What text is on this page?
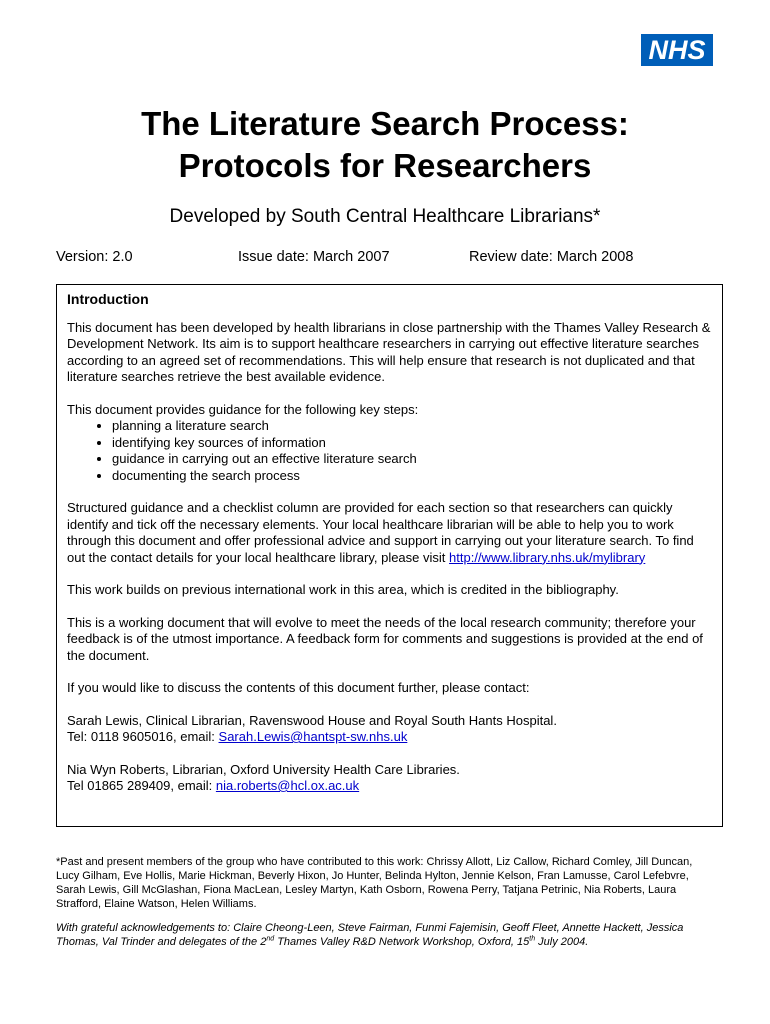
NHS
The Literature Search Process:
Protocols for Researchers
Developed by South Central Healthcare Librarians*
Version: 2.0	Issue date: March 2007	Review date: March 2008
Introduction

This document has been developed by health librarians in close partnership with the Thames Valley Research & Development Network. Its aim is to support healthcare researchers in carrying out effective literature searches according to an agreed set of recommendations. This will help ensure that research is not duplicated and that literature searches retrieve the best available evidence.

This document provides guidance for the following key steps:
• planning a literature search
• identifying key sources of information
• guidance in carrying out an effective literature search
• documenting the search process

Structured guidance and a checklist column are provided for each section so that researchers can quickly identify and tick off the necessary elements. Your local healthcare librarian will be able to help you to work through this document and offer professional advice and support in carrying out your literature search. To find out the contact details for your local healthcare library, please visit http://www.library.nhs.uk/mylibrary

This work builds on previous international work in this area, which is credited in the bibliography.

This is a working document that will evolve to meet the needs of the local research community; therefore your feedback is of the utmost importance. A feedback form for comments and suggestions is provided at the end of the document.

If you would like to discuss the contents of this document further, please contact:

Sarah Lewis, Clinical Librarian, Ravenswood House and Royal South Hants Hospital.
Tel: 0118 9605016, email: Sarah.Lewis@hantspt-sw.nhs.uk

Nia Wyn Roberts, Librarian, Oxford University Health Care Libraries.
Tel 01865 289409, email: nia.roberts@hcl.ox.ac.uk

*Past and present members of the group who have contributed to this work: Chrissy Allott, Liz Callow, Richard Comley, Jill Duncan, Lucy Gilham, Eve Hollis, Marie Hickman, Beverly Hixon, Jo Hunter, Belinda Hylton, Jennie Kelson, Fran Lamusse, Carol Lefebvre, Sarah Lewis, Gill McGlashan, Fiona MacLean, Lesley Martyn, Kath Osborn, Rowena Perry, Tatjana Petrinic, Nia Roberts, Laura Strafford, Elaine Watson, Helen Williams.
With grateful acknowledgements to: Claire Cheong-Leen, Steve Fairman, Funmi Fajemisin, Geoff Fleet, Annette Hackett, Jessica Thomas, Val Trinder and delegates of the 2nd Thames Valley R&D Network Workshop, Oxford, 15th July 2004.
